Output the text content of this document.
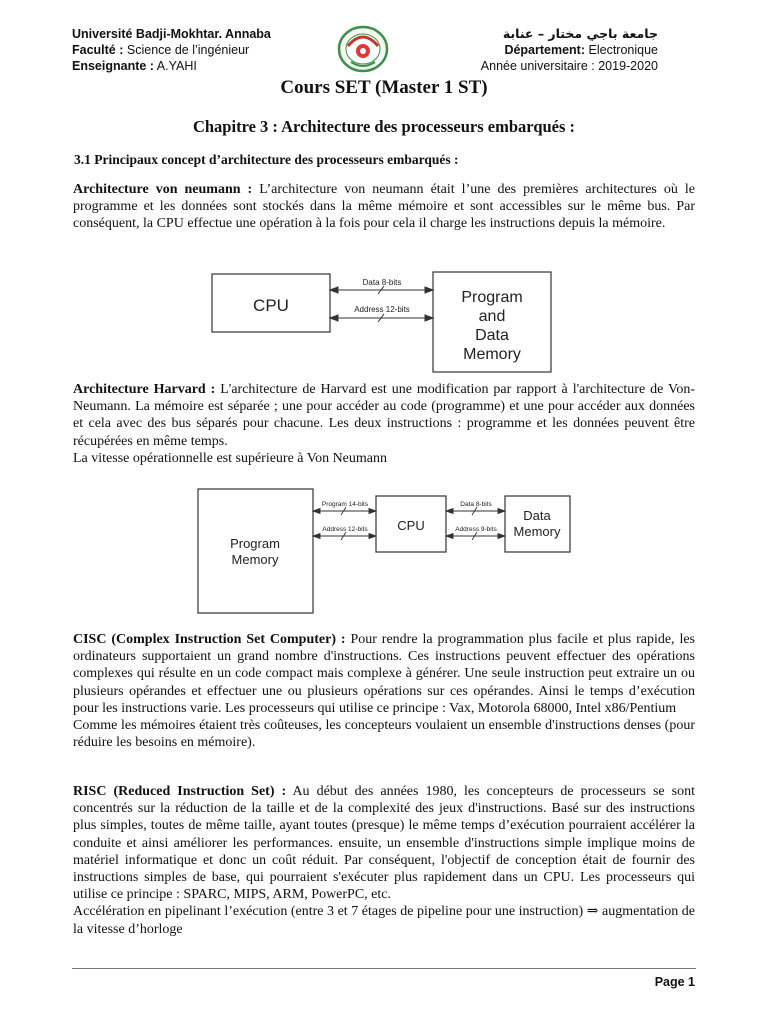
Université Badji-Mokhtar. Annaba
Faculté : Science de l’ingénieur
Enseignante : A.YAHI
جامعة باجي مختار – عنابة
Département: Electronique
Année universitaire : 2019-2020
Cours SET (Master 1 ST)
Chapitre 3 : Architecture des processeurs embarqués :
3.1 Principaux concept d’architecture des processeurs embarqués :
Architecture von neumann : L’architecture von neumann était l’une des premières architectures où le programme et les données sont stockés dans la même mémoire et sont accessibles sur le même bus. Par conséquent, la CPU effectue une opération à la fois pour cela il charge les instructions depuis la mémoire.
CPU	Program
and
Data
Memory
Data 8-bits
Address 12-bits

Architecture Harvard : L'architecture de Harvard est une modification par rapport à l'architecture de Von-Neumann. La mémoire est séparée ; une pour accéder au code (programme) et une pour accéder aux données et cela avec des bus séparés pour chacune. Les deux instructions : programme et les données peuvent être récupérées en même temps.

La vitesse opérationnelle est supérieure à Von Neumann

Program
Memory
CPU
Data
Memory
Program 14-bits
Address 12-bits
Data 8-bits
Address 9-bits

CISC (Complex Instruction Set Computer) : Pour rendre la programmation plus facile et plus rapide, les ordinateurs supportaient un grand nombre d'instructions. Ces instructions peuvent effectuer des opérations complexes qui résulte en un code compact mais complexe à générer. Une seule instruction peut extraire un ou plusieurs opérandes et effectuer une ou plusieurs opérations sur ces opérandes. Ainsi le temps d’exécution pour les instructions varie. Les processeurs qui utilise ce principe : Vax, Motorola 68000, Intel x86/Pentium

Comme les mémoires étaient très coûteuses, les concepteurs voulaient un ensemble d'instructions denses (pour réduire les besoins en mémoire).

RISC (Reduced Instruction Set) : Au début des années 1980, les concepteurs de processeurs se sont concentrés sur la réduction de la taille et de la complexité des jeux d'instructions. Basé sur des instructions plus simples, toutes de même taille, ayant toutes (presque) le même temps d’exécution pourraient accélérer la conduite et ainsi améliorer les performances. ensuite, un ensemble d'instructions simple implique moins de matériel informatique et donc un coût réduit. Par conséquent, l'objectif de conception était de fournir des instructions simples de base, qui pourraient s'exécuter plus rapidement dans un CPU. Les processeurs qui utilise ce principe : SPARC, MIPS, ARM, PowerPC, etc.

Accélération en pipelinant l’exécution (entre 3 et 7 étages de pipeline pour une instruction) ⇒ augmentation de la vitesse d’horloge

Page 1
